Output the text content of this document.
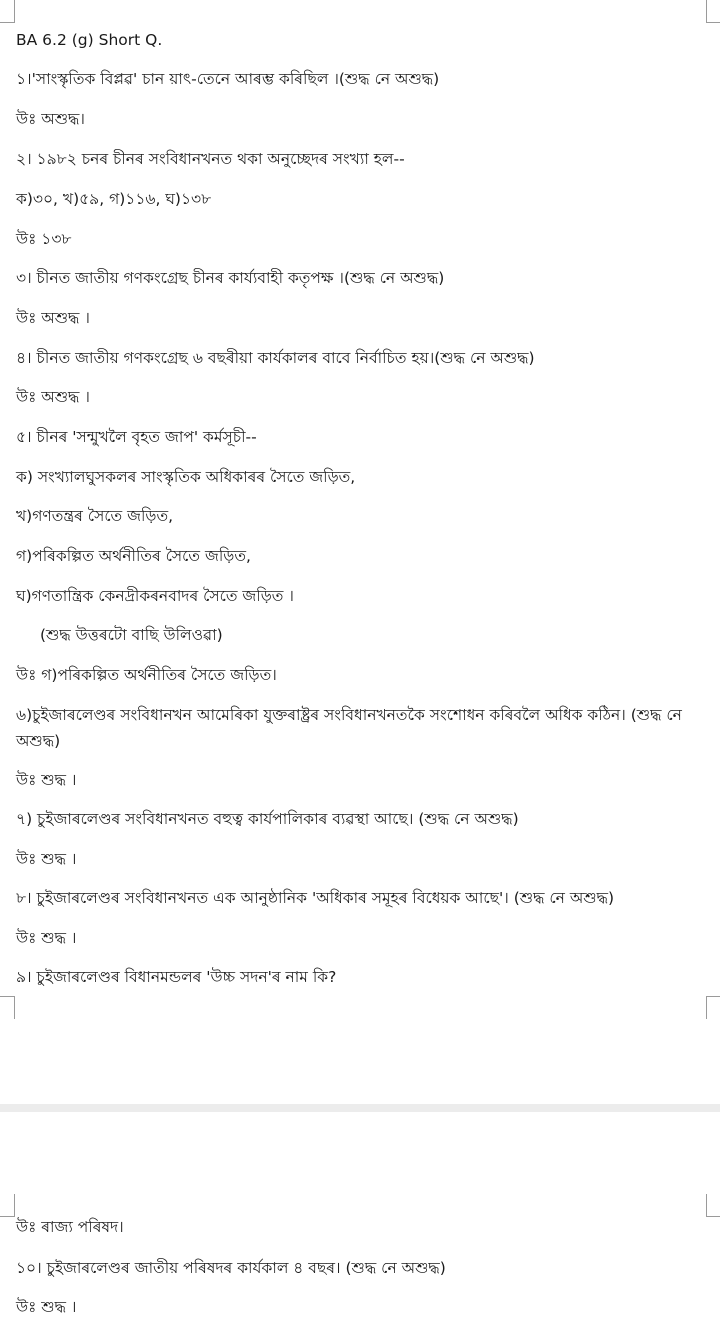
BA 6.2 (g) Short Q.
১।'সাংস্কৃতিক বিপ্লৱ' চান য়াৎ-তেনে আৰম্ভ কৰিছিল ।(শুদ্ধ নে অশুদ্ধ)
উঃ অশুদ্ধ।
২। ১৯৮২ চনৰ চীনৰ সংবিধানখনত থকা অনুচ্ছেদৰ সংখ্যা হল--
ক)৩০, খ)৫৯, গ)১১৬, ঘ)১৩৮
উঃ ১৩৮
৩। চীনত জাতীয় গণকংগ্ৰেছ চীনৰ কাৰ্য্যবাহী কতৃপক্ষ ।(শুদ্ধ নে অশুদ্ধ)
উঃ অশুদ্ধ ।
৪। চীনত জাতীয় গণকংগ্ৰেছ ৬ বছৰীয়া কাৰ্যকালৰ বাবে নিৰ্বাচিত হয়।(শুদ্ধ নে অশুদ্ধ)
উঃ অশুদ্ধ ।
৫। চীনৰ 'সন্মুখলৈ বৃহত জাপ' কৰ্মসূচী--
ক) সংখ্যালঘুসকলৰ সাংস্কৃতিক অধিকাৰৰ সৈতে জড়িত,
খ)গণতন্ত্ৰৰ সৈতে জড়িত,
গ)পৰিকল্পিত অৰ্থনীতিৰ সৈতে জড়িত,
ঘ)গণতান্ত্ৰিক কেনদ্ৰীকৰনবাদৰ সৈতে জড়িত ।
(শুদ্ধ উত্তৰটো বাছি উলিওৱা)
উঃ গ)পৰিকল্পিত অৰ্থনীতিৰ সৈতে জড়িত।
৬)চুইজাৰলেণ্ডৰ সংবিধানখন আমেৰিকা যুক্তৰাষ্ট্ৰৰ সংবিধানখনতকৈ সংশোধন কৰিবলৈ অধিক কঠিন। (শুদ্ধ নে অশুদ্ধ)
উঃ শুদ্ধ ।
৭) চুইজাৰলেণ্ডৰ সংবিধানখনত বহুত্ব কাৰ্যপালিকাৰ ব্যৱস্থা আছে। (শুদ্ধ নে অশুদ্ধ)
উঃ শুদ্ধ ।
৮। চুইজাৰলেণ্ডৰ সংবিধানখনত এক আনুষ্ঠানিক 'অধিকাৰ সমূহৰ বিধেয়ক আছে'। (শুদ্ধ নে অশুদ্ধ)
উঃ শুদ্ধ ।
৯। চুইজাৰলেণ্ডৰ বিধানমন্ডলৰ 'উচ্চ সদন'ৰ নাম কি?
উঃ ৰাজ্য পৰিষদ।
১০। চুইজাৰলেণ্ডৰ জাতীয় পৰিষদৰ কাৰ্যকাল ৪ বছৰ। (শুদ্ধ নে অশুদ্ধ)
উঃ শুদ্ধ ।
